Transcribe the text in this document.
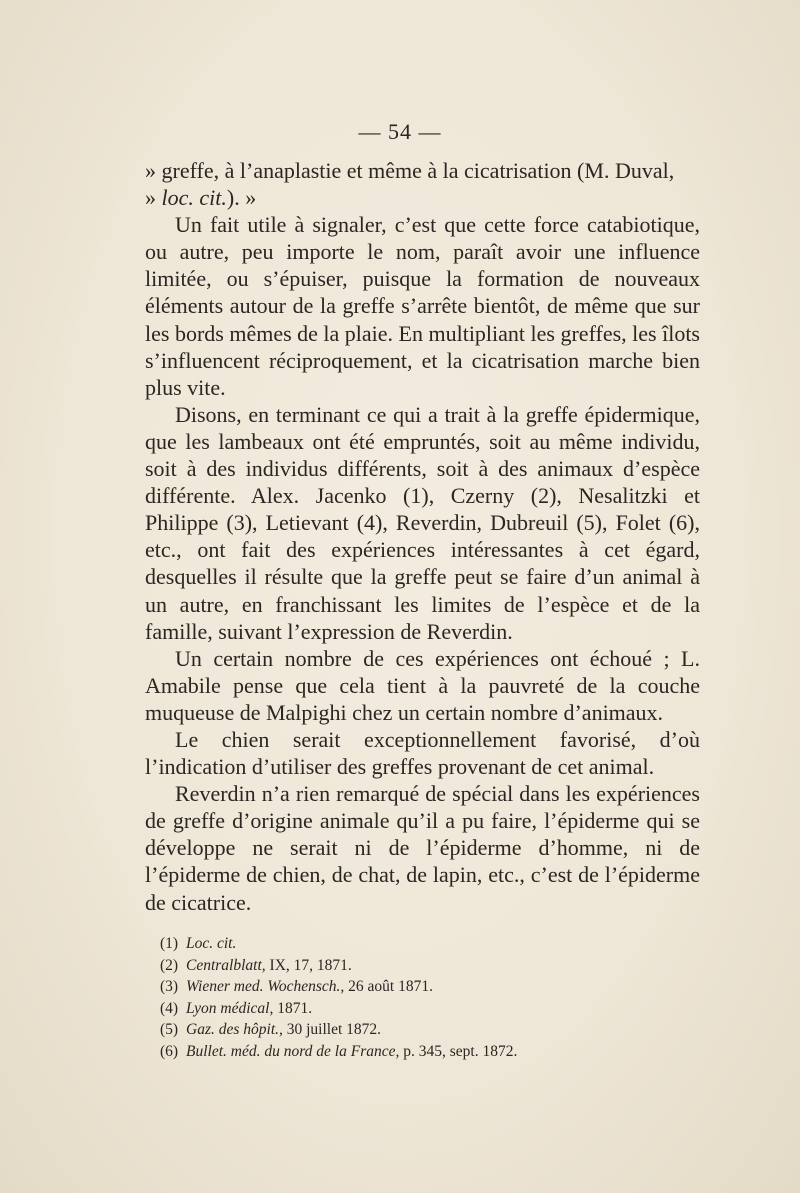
— 54 —

» greffe, à l’anaplastie et même à la cicatrisation (M. Duval,
» loc. cit.). »

Un fait utile à signaler, c’est que cette force catabiotique, ou autre, peu importe le nom, paraît avoir une influence limitée, ou s’épuiser, puisque la formation de nouveaux éléments autour de la greffe s’arrête bientôt, de même que sur les bords mêmes de la plaie. En multipliant les greffes, les îlots s’influencent réciproquement, et la cicatrisation marche bien plus vite.

Disons, en terminant ce qui a trait à la greffe épidermique, que les lambeaux ont été empruntés, soit au même individu, soit à des individus différents, soit à des animaux d’espèce différente. Alex. Jacenko (1), Czerny (2), Nesalitzki et Philippe (3), Letievant (4), Reverdin, Dubreuil (5), Folet (6), etc., ont fait des expériences intéressantes à cet égard, desquelles il résulte que la greffe peut se faire d’un animal à un autre, en franchissant les limites de l’espèce et de la famille, suivant l’expression de Reverdin.

Un certain nombre de ces expériences ont échoué ; L. Amabile pense que cela tient à la pauvreté de la couche muqueuse de Malpighi chez un certain nombre d’animaux.

Le chien serait exceptionnellement favorisé, d’où l’indication d’utiliser des greffes provenant de cet animal.

Reverdin n’a rien remarqué de spécial dans les expériences de greffe d’origine animale qu’il a pu faire, l’épiderme qui se développe ne serait ni de l’épiderme d’homme, ni de l’épiderme de chien, de chat, de lapin, etc., c’est de l’épiderme de cicatrice.

(1) Loc. cit.
(2) Centralblatt, IX, 17, 1871.
(3) Wiener med. Wochensch., 26 août 1871.
(4) Lyon médical, 1871.
(5) Gaz. des hôpit., 30 juillet 1872.
(6) Bullet. méd. du nord de la France, p. 345, sept. 1872.
